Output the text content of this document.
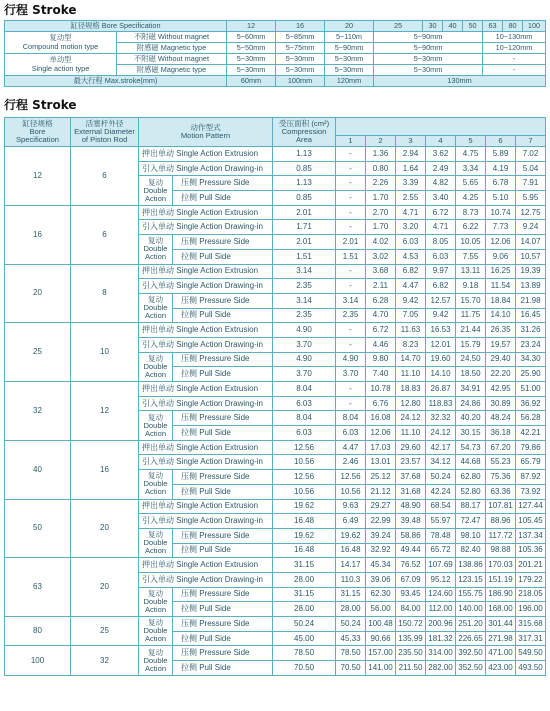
行程 Stroke
缸径规格 Bore Specification		12	16	20	25	30	40	50	63	80	100
复动型
Compound motion type	不附磁 Without magnet	5~60mm	5~85mm	5~110m	5~90mm				10~130mm		
	附感磁 Magnetic type	5~50mm	5~75mm	5~90mm	5~90mm				10~120mm		
单动型
Single action type	不附磁 Without magnet	5~30mm	5~30mm	5~30mm	5~30mm				-		
	附感磁 Magnetic type	5~30mm	5~30mm	5~30mm	5~30mm				-		
最大行程 Max.stroke(mm)		60mm	100mm	120mm	130mm						
行程 Stroke
缸径规格
Bore
Specification	活塞杆外径
External Diameter
of Piston Rod	动作型式
Motion Pattern		受压面积 (cm²)
Compression
Area							
					1	2	3	4	5	6	7
12	6	押出单动 Single Action Extrusion		1.13	-	1.36	2.94	3.62	4.75	5.89	7.02
		引入单动 Single Action Drawing-in		0.85	-	0.80	1.64	2.49	3.34	4.19	5.04
		复动
Double
Action	压侧 Pressure Side	1.13	-	2.26	3.39	4.82	5.65	6.78	7.91
			拉侧 Pull Side	0.85	-	1.70	2.55	3.40	4.25	5.10	5.95
16	6	押出单动 Single Action Extrusion		2.01	-	2.70	4.71	6.72	8.73	10.74	12.75
		引入单动 Single Action Drawing-in		1.71	-	1.70	3.20	4.71	6.22	7.73	9.24
		复动
Double
Action	压侧 Pressure Side	2.01	2.01	4.02	6.03	8.05	10.05	12.06	14.07
			拉侧 Pull Side	1.51	1.51	3.02	4.53	6.03	7.55	9.06	10.57
20	8	押出单动 Single Action Extrusion		3.14	-	3.68	6.82	9.97	13.11	16.25	19.39
		引入单动 Single Action Drawing-in		2.35	-	2.11	4.47	6.82	9.18	11.54	13.89
		复动
Double
Action	压侧 Pressure Side	3.14	3.14	6.28	9.42	12.57	15.70	18.84	21.98
			拉侧 Pull Side	2.35	2.35	4.70	7.05	9.42	11.75	14.10	16.45
25	10	押出单动 Single Action Extrusion		4.90	-	6.72	11.63	16.53	21.44	26.35	31.26
		引入单动 Single Action Drawing-in		3.70	-	4.46	8.23	12.01	15.79	19.57	23.24
		复动
Double
Action	压侧 Pressure Side	4.90	4.90	9.80	14.70	19.60	24.50	29.40	34.30
			拉侧 Pull Side	3.70	3.70	7.40	11.10	14.10	18.50	22.20	25.90
32	12	押出单动 Single Action Extrusion		8.04	-	10.78	18.83	26.87	34.91	42.95	51.00
		引入单动 Single Action Drawing-in		6.03	-	6.76	12.80	118.83	24.86	30.89	36.92
		复动
Double
Action	压侧 Pressure Side	8.04	8.04	16.08	24.12	32.32	40.20	48.24	56.28
			拉侧 Pull Side	6.03	6.03	12.06	11.10	24.12	30.15	36.18	42.21
40	16	押出单动 Single Action Extrusion		12.56	4.47	17.03	29.60	42.17	54.73	67.20	79.86
		引入单动 Single Action Drawing-in		10.56	2.46	13.01	23.57	34.12	44.68	55.23	65.79
		复动
Double
Action	压侧 Pressure Side	12.56	12.56	25.12	37.68	50.24	62.80	75.36	87.92
			拉侧 Pull Side	10.56	10.56	21.12	31.68	42.24	52.80	63.36	73.92
50	20	押出单动 Single Action Extrusion		19.62	9.63	29.27	48.90	68.54	88.17	107.81	127.44
		引入单动 Single Action Drawing-in		16.48	6.49	22.99	39.48	55.97	72.47	88.96	105.45
		复动
Double
Action	压侧 Pressure Side	19.62	19.62	39.24	58.86	78.48	98.10	117.72	137.34
			拉侧 Pull Side	16.48	16.48	32.92	49.44	65.72	82.40	98.88	105.36
63	20	押出单动 Single Action Extrusion		31.15	14.17	45.34	76.52	107.69	138.86	170.03	201.21
		引入单动 Single Action Drawing-in		28.00	110.3	39.06	67.09	95.12	123.15	151.19	179.22
		复动
Double
Action	压侧 Pressure Side	31.15	31.15	62.30	93.45	124.60	155.75	186.90	218.05
			拉侧 Pull Side	28.00	28.00	56.00	84.00	112.00	140.00	168.00	196.00
80	25	复动
Double
Action	压侧 Pressure Side	50.24	50.24	100.48	150.72	200.96	251.20	301.44	315.68
			拉侧 Pull Side	45.00	45.33	90.66	135.99	181.32	226.65	271.98	317.31
100	32	复动
Double
Action	压侧 Pressure Side	78.50	78.50	157.00	235.50	314.00	392.50	471.00	549.50
			拉侧 Pull Side	70.50	70.50	141.00	211.50	282.00	352.50	423.00	493.50
